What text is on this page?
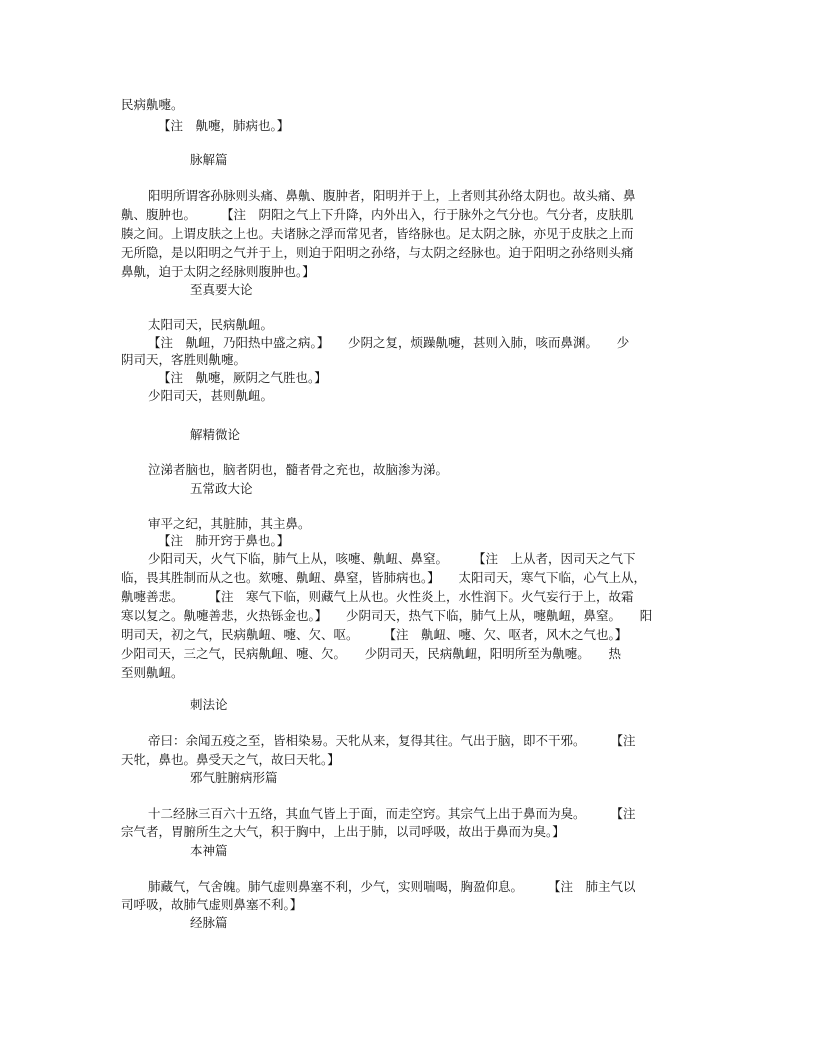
民病鼽嚏。
【注　鼽嚏，肺病也。】
脉解篇
阳明所谓客孙脉则头痛、鼻鼽、腹肿者，阳明并于上，上者则其孙络太阴也。故头痛、鼻
鼽、腹肿也。　　　【注　阴阳之气上下升降，内外出入，行于脉外之气分也。气分者，皮肤肌
腠之间。上谓皮肤之上也。夫诸脉之浮而常见者，皆络脉也。足太阴之脉，亦见于皮肤之上而
无所隐，是以阳明之气并于上，则迫于阳明之孙络，与太阴之经脉也。迫于阳明之孙络则头痛
鼻鼽，迫于太阴之经脉则腹肿也。】
至真要大论
太阳司天，民病鼽衄。
【注　鼽衄，乃阳热中盛之病。】　　少阴之复，烦躁鼽嚏，甚则入肺，咳而鼻渊。　　少
阴司天，客胜则鼽嚏。
【注　鼽嚏，厥阴之气胜也。】
少阳司天，甚则鼽衄。
解精微论
泣涕者脑也，脑者阴也，髓者骨之充也，故脑渗为涕。
五常政大论
审平之纪，其脏肺，其主鼻。
【注　肺开窍于鼻也。】
少阳司天，火气下临，肺气上从，咳嚏、鼽衄、鼻窒。　　　【注　上从者，因司天之气下
临，畏其胜制而从之也。欬嚏、鼽衄、鼻窒，皆肺病也。】　　太阳司天，寒气下临，心气上从，
鼽嚏善悲。　　　【注　寒气下临，则藏气上从也。火性炎上，水性润下。火气妄行于上，故霜
寒以复之。鼽嚏善悲，火热铄金也。】　　少阴司天，热气下临，肺气上从，嚏鼽衄，鼻窒。　　阳
明司天，初之气，民病鼽衄、嚏、欠、呕。　　　【注　鼽衄、嚏、欠、呕者，风木之气也。】
少阳司天，三之气，民病鼽衄、嚏、欠。　　少阴司天，民病鼽衄，阳明所至为鼽嚏。　　热
至则鼽衄。
刺法论
帝曰：余闻五疫之至，皆相染易。天牝从来，复得其往。气出于脑，即不干邪。　　　【注
天牝，鼻也。鼻受天之气，故曰天牝。】
邪气脏腑病形篇
十二经脉三百六十五络，其血气皆上于面，而走空窍。其宗气上出于鼻而为臭。　　　【注
宗气者，胃腑所生之大气，积于胸中，上出于肺，以司呼吸，故出于鼻而为臭。】
本神篇
肺藏气，气舍魄。肺气虚则鼻塞不利，少气，实则喘喝，胸盈仰息。　　　【注　肺主气以
司呼吸，故肺气虚则鼻塞不利。】
经脉篇
